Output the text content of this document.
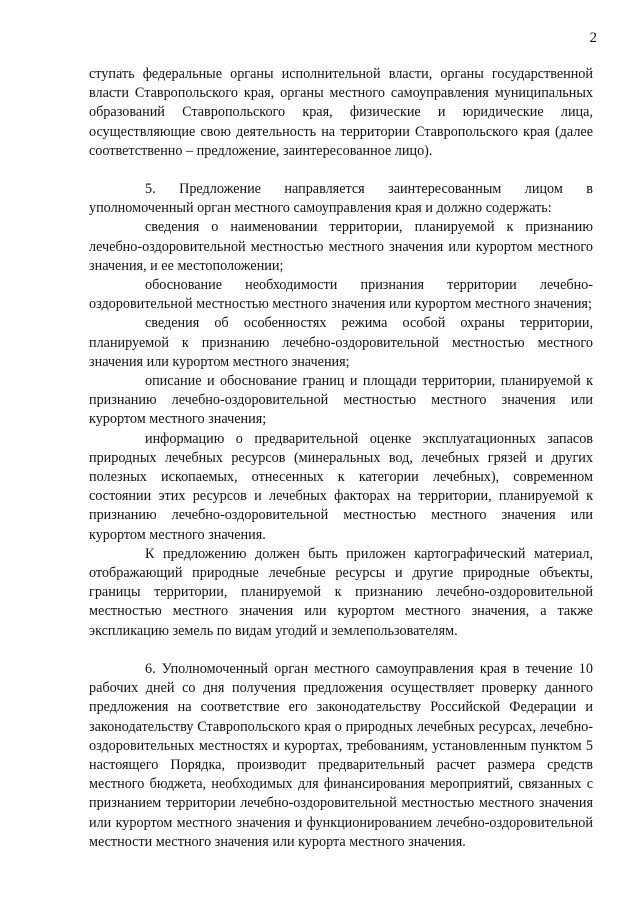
2

ступать федеральные органы исполнительной власти, органы государственной власти Ставропольского края, органы местного самоуправления муниципальных образований Ставропольского края, физические и юридические лица, осуществляющие свою деятельность на территории Ставропольского края (далее соответственно – предложение, заинтересованное лицо).

5. Предложение направляется заинтересованным лицом в уполномоченный орган местного самоуправления края и должно содержать:

сведения о наименовании территории, планируемой к признанию лечебно-оздоровительной местностью местного значения или курортом местного значения, и ее местоположении;

обоснование необходимости признания территории лечебно-оздоровительной местностью местного значения или курортом местного значения;

сведения об особенностях режима особой охраны территории, планируемой к признанию лечебно-оздоровительной местностью местного значения или курортом местного значения;

описание и обоснование границ и площади территории, планируемой к признанию лечебно-оздоровительной местностью местного значения или курортом местного значения;

информацию о предварительной оценке эксплуатационных запасов природных лечебных ресурсов (минеральных вод, лечебных грязей и других полезных ископаемых, отнесенных к категории лечебных), современном состоянии этих ресурсов и лечебных факторах на территории, планируемой к признанию лечебно-оздоровительной местностью местного значения или курортом местного значения.

К предложению должен быть приложен картографический материал, отображающий природные лечебные ресурсы и другие природные объекты, границы территории, планируемой к признанию лечебно-оздоровительной местностью местного значения или курортом местного значения, а также экспликацию земель по видам угодий и землепользователям.

6. Уполномоченный орган местного самоуправления края в течение 10 рабочих дней со дня получения предложения осуществляет проверку данного предложения на соответствие его законодательству Российской Федерации и законодательству Ставропольского края о природных лечебных ресурсах, лечебно-оздоровительных местностях и курортах, требованиям, установленным пунктом 5 настоящего Порядка, производит предварительный расчет размера средств местного бюджета, необходимых для финансирования мероприятий, связанных с признанием территории лечебно-оздоровительной местностью местного значения или курортом местного значения и функционированием лечебно-оздоровительной местности местного значения или курорта местного значения.
